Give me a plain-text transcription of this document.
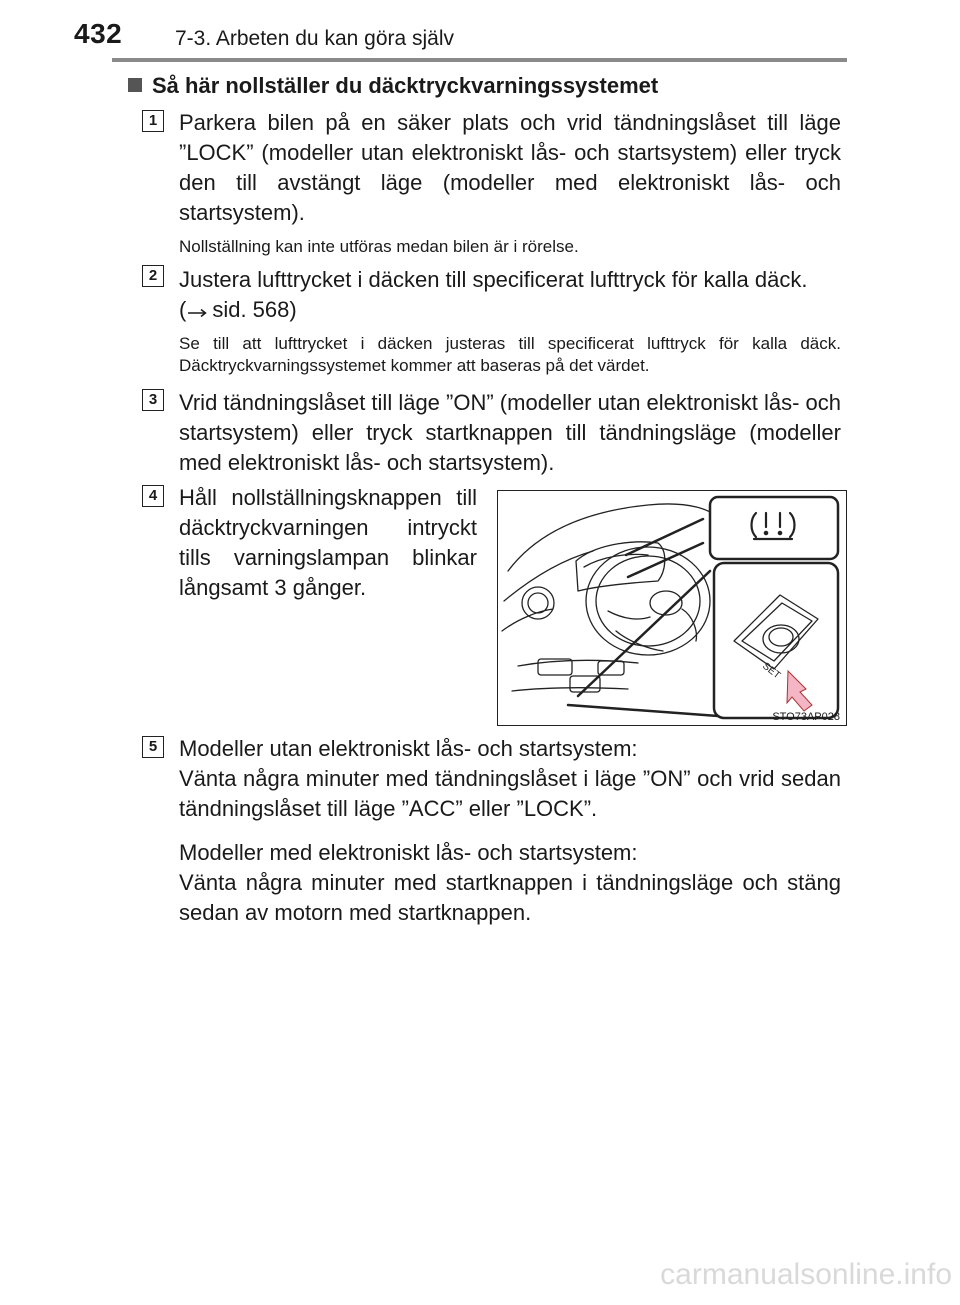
432	7-3. Arbeten du kan göra själv
Så här nollställer du däcktryckvarningssystemet
1 Parkera bilen på en säker plats och vrid tändningslåset till läge ”LOCK” (modeller utan elektroniskt lås- och startsystem) eller tryck den till avstängt läge (modeller med elektroniskt lås- och startsystem).
Nollställning kan inte utföras medan bilen är i rörelse.
2 Justera lufttrycket i däcken till specificerat lufttryck för kalla däck.
( sid. 568)
Se till att lufttrycket i däcken justeras till specificerat lufttryck för kalla däck. Däcktryckvarningssystemet kommer att baseras på det värdet.
3 Vrid tändningslåset till läge ”ON” (modeller utan elektroniskt lås- och startsystem) eller tryck startknappen till tändningsläge (modeller med elektroniskt lås- och startsystem).
4 Håll nollställningsknappen till däcktryckvarningen intryckt tills varningslampan blinkar långsamt 3 gånger.
SET
STO73AP028
5 Modeller utan elektroniskt lås- och startsystem:
Vänta några minuter med tändningslåset i läge ”ON” och vrid sedan tändningslåset till läge ”ACC” eller ”LOCK”.
Modeller med elektroniskt lås- och startsystem:
Vänta några minuter med startknappen i tändningsläge och stäng sedan av motorn med startknappen.
carmanualsonline.info
